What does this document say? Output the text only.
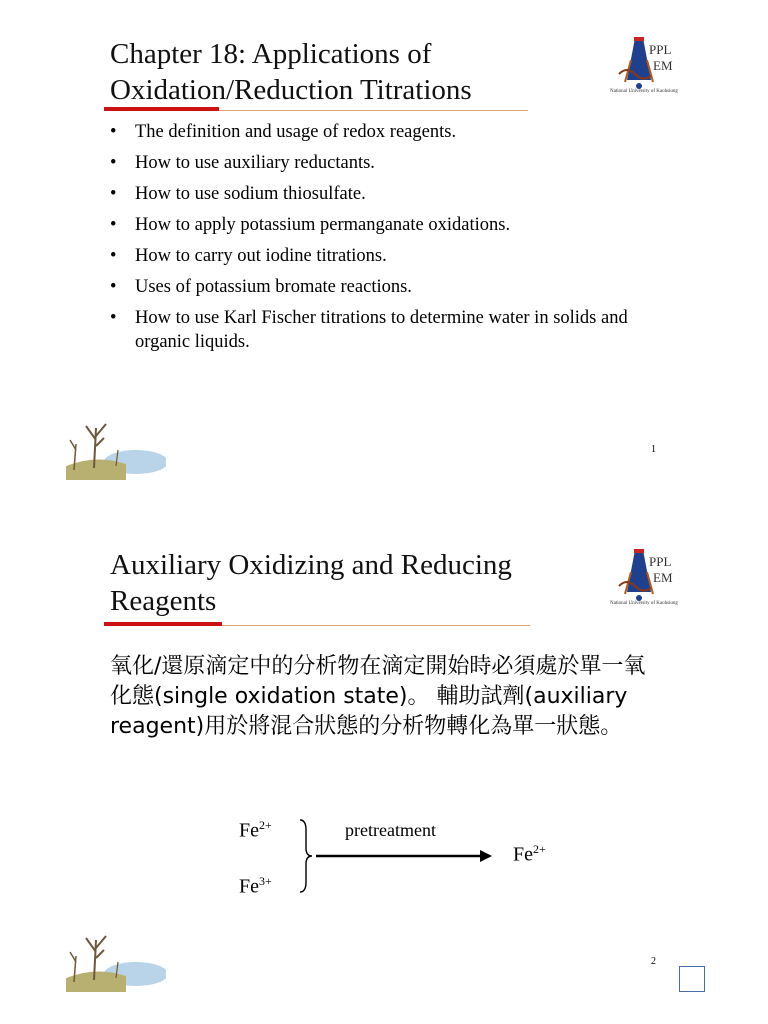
Chapter 18: Applications of
Oxidation/Reduction Titrations
PPL
EM
National University of Kaohsiung
• The definition and usage of redox reagents.
• How to use auxiliary reductants.
• How to use sodium thiosulfate.
• How to apply potassium permanganate oxidations.
• How to carry out iodine titrations.
• Uses of potassium bromate reactions.
• How to use Karl Fischer titrations to determine water in solids and organic liquids.
1
Auxiliary Oxidizing and Reducing
Reagents
PPL
EM
National University of Kaohsiung
氧化/還原滴定中的分析物在滴定開始時必須處於單一氧化態(single oxidation state)。 輔助試劑(auxiliary reagent)用於將混合狀態的分析物轉化為單一狀態。
$Fe^{2+}$
$Fe^{3+}$
pretreatment
$Fe^{2+}$
2
